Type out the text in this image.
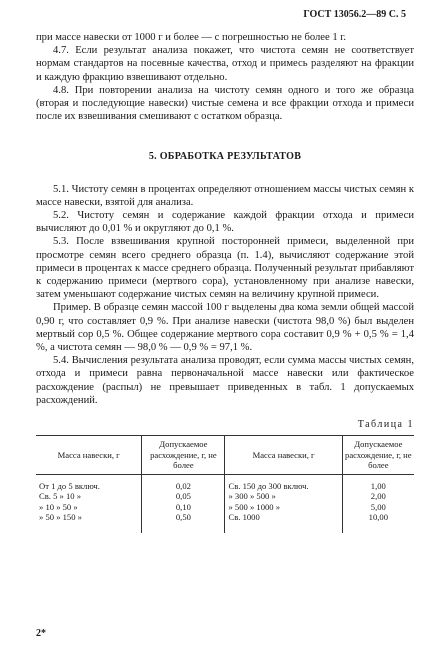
ГОСТ 13056.2—89 С. 5

при массе навески от 1000 г и более — с погрешностью не более 1 г.

4.7. Если результат анализа покажет, что чистота семян не соответствует нормам стандартов на посевные качества, отход и примесь разделяют на фракции и каждую фракцию взвешивают отдельно.

4.8. При повторении анализа на чистоту семян одного и того же образца (вторая и последующие навески) чистые семена и все фракции отхода и примеси после их взвешивания смешивают с остатком образца.

5. ОБРАБОТКА РЕЗУЛЬТАТОВ

5.1. Чистоту семян в процентах определяют отношением массы чистых семян к массе навески, взятой для анализа.

5.2. Чистоту семян и содержание каждой фракции отхода и примеси вычисляют до 0,01 % и округляют до 0,1 %.

5.3. После взвешивания крупной посторонней примеси, выделенной при просмотре семян всего среднего образца (п. 1.4), вычисляют содержание этой примеси в процентах к массе среднего образца. Полученный результат прибавляют к содержанию примеси (мертвого сора), установленному при анализе навески, затем уменьшают содержание чистых семян на величину крупной примеси.

Пример. В образце семян массой 100 г выделены два кома земли общей массой 0,90 г, что составляет 0,9 %. При анализе навески (чистота 98,0 %) был выделен мертвый сор 0,5 %. Общее содержание мертвого сора составит 0,9 % + 0,5 % = 1,4 %, а чистота семян — 98,0 % — 0,9 % = 97,1 %.

5.4. Вычисления результата анализа проводят, если сумма массы чистых семян, отхода и примеси равна первоначальной массе навески или фактическое расхождение (распыл) не превышает приведенных в табл. 1 допускаемых расхождений.

Таблица 1

Масса навески, г	Допускаемое расхождение, г, не более	Масса навески, г	Допускаемое расхождение, г, не более
От 1 до 5 включ.	0,02	Св. 150 до 300 включ.	1,00
Св. 5 » 10 »	0,05	» 300 » 500 »	2,00
» 10 » 50 »	0,10	» 500 » 1000 »	5,00
» 50 » 150 »	0,50	Св. 1000	10,00
2*
